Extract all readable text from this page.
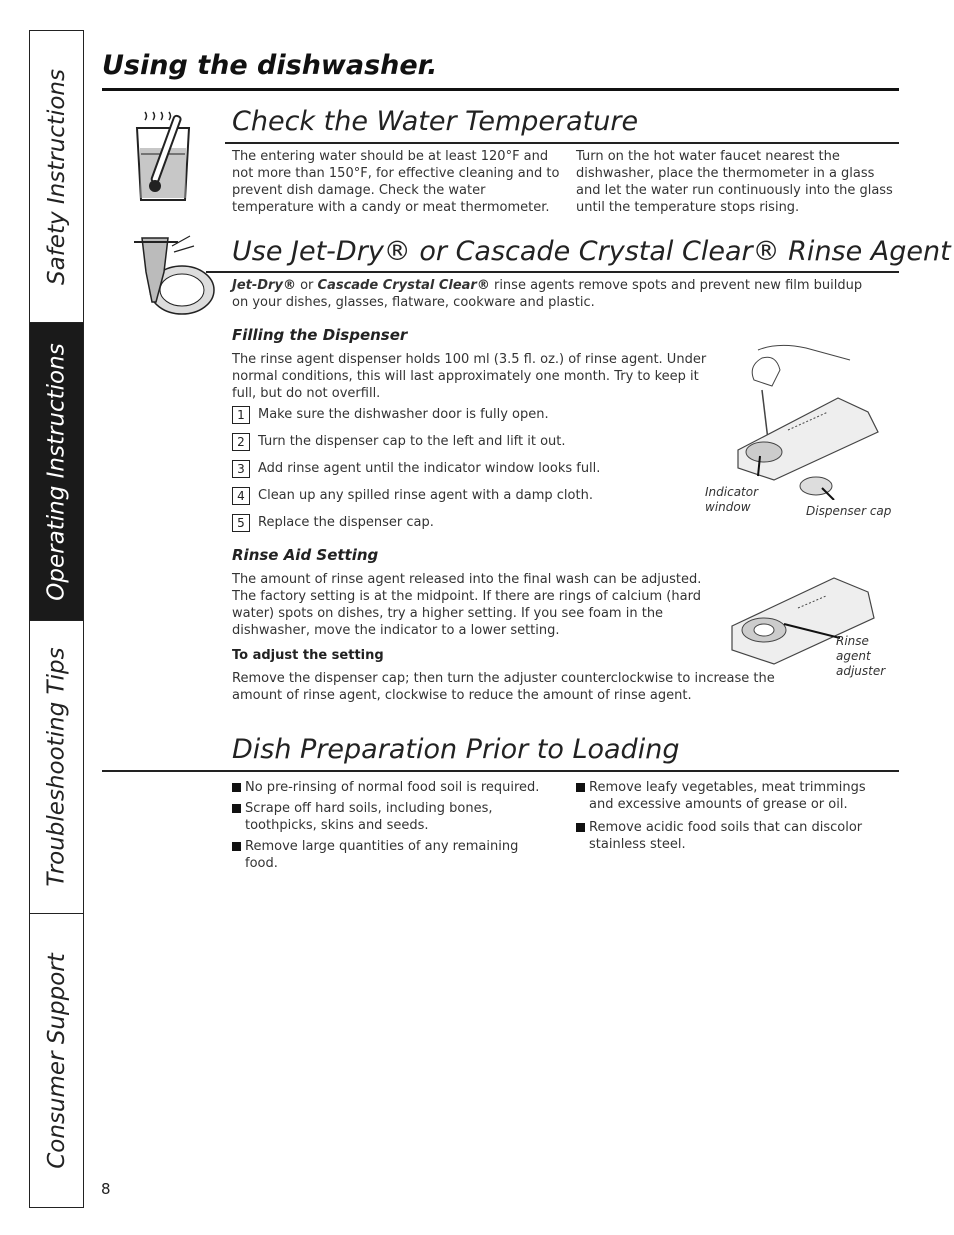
Safety Instructions
Operating Instructions
Troubleshooting Tips
Consumer Support
Using the dishwasher.
Check the Water Temperature
The entering water should be at least 120°F and not more than 150°F, for effective cleaning and to prevent dish damage. Check the water temperature with a candy or meat thermometer.
Turn on the hot water faucet nearest the dishwasher, place the thermometer in a glass and let the water run continuously into the glass until the temperature stops rising.
Use Jet-Dry® or Cascade Crystal Clear® Rinse Agent
Jet-Dry® or Cascade Crystal Clear® rinse agents remove spots and prevent new film buildup on your dishes, glasses, flatware, cookware and plastic.
Filling the Dispenser
The rinse agent dispenser holds 100 ml (3.5 fl. oz.) of rinse agent. Under normal conditions, this will last approximately one month. Try to keep it full, but do not overfill.
1	Make sure the dishwasher door is fully open.
2	Turn the dispenser cap to the left and lift it out.
3	Add rinse agent until the indicator window looks full.
4	Clean up any spilled rinse agent with a damp cloth.
5	Replace the dispenser cap.
Indicator window	Dispenser cap
Rinse Aid Setting
The amount of rinse agent released into the final wash can be adjusted. The factory setting is at the midpoint. If there are rings of calcium (hard water) spots on dishes, try a higher setting. If you see foam in the dishwasher, move the indicator to a lower setting.
To adjust the setting
Remove the dispenser cap; then turn the adjuster counterclockwise to increase the amount of rinse agent, clockwise to reduce the amount of rinse agent.
Rinse agent adjuster
Dish Preparation Prior to Loading
No pre-rinsing of normal food soil is required.
Scrape off hard soils, including bones, toothpicks, skins and seeds.
Remove large quantities of any remaining food.
Remove leafy vegetables, meat trimmings and excessive amounts of grease or oil.
Remove acidic food soils that can discolor stainless steel.
8
